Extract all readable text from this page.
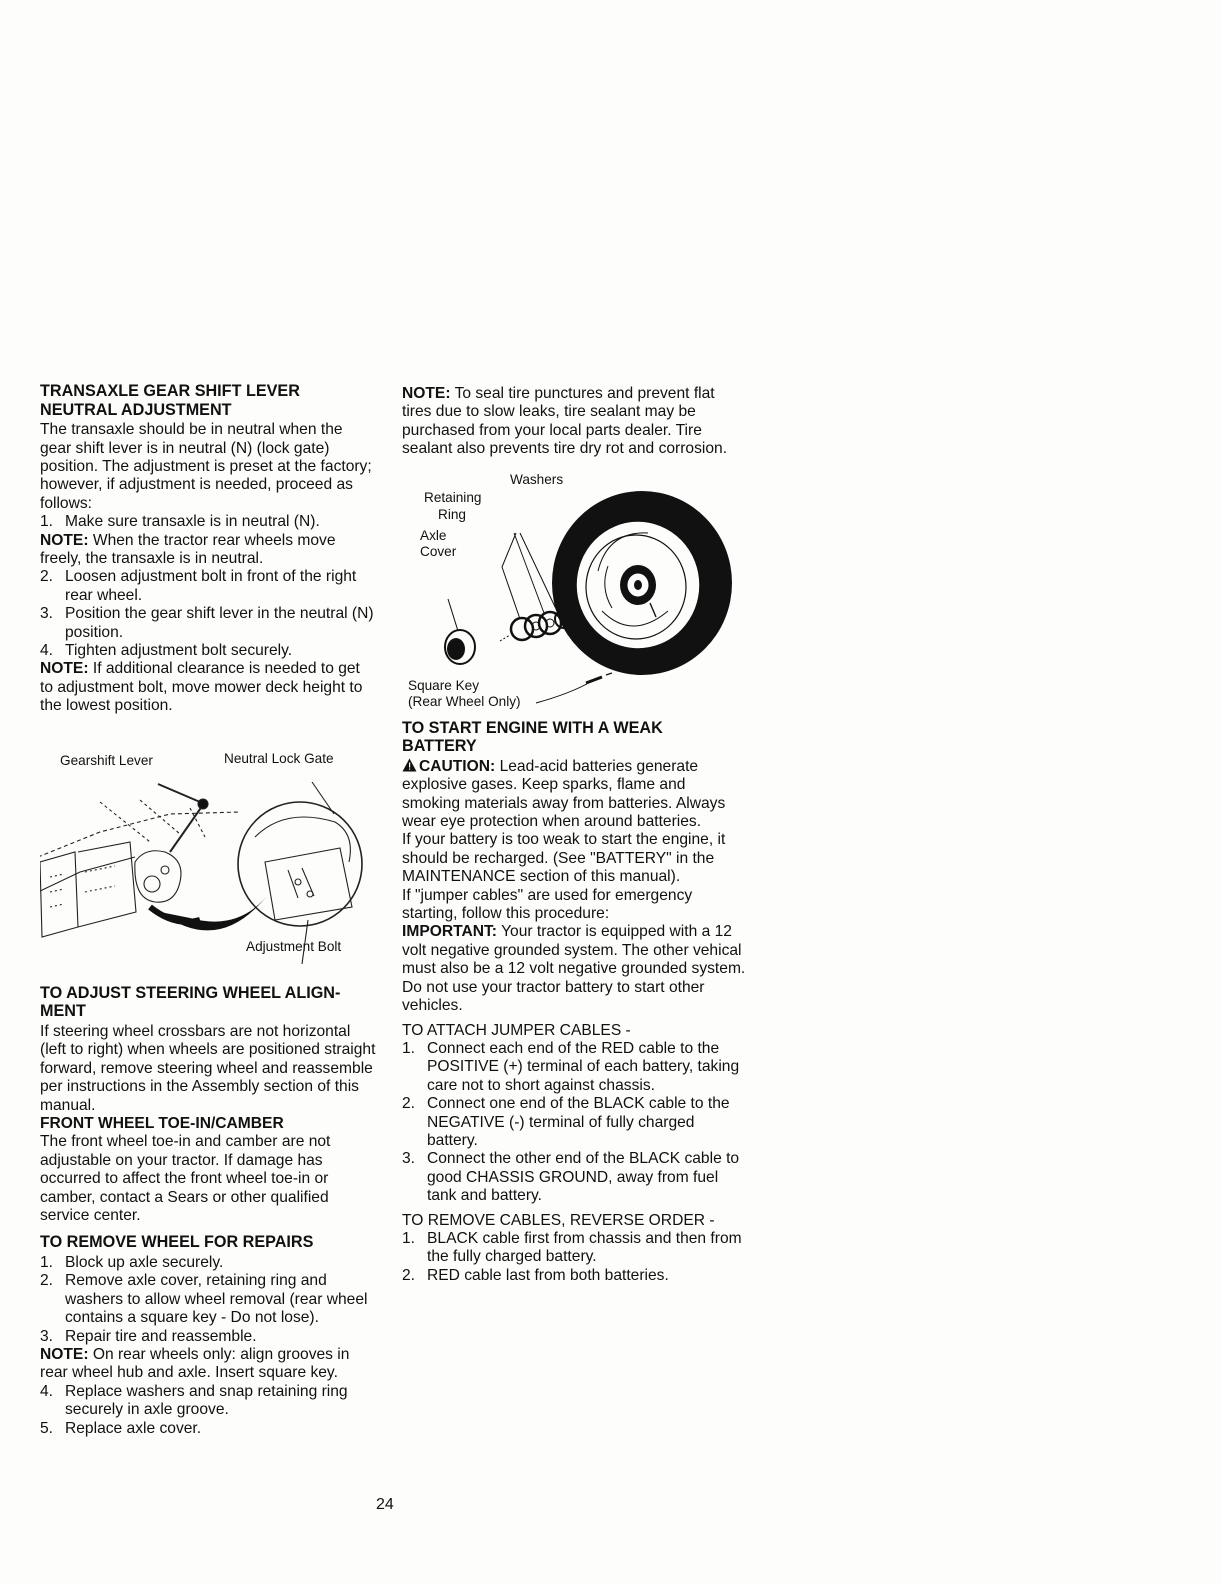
TRANSAXLE GEAR SHIFT LEVER
NEUTRAL ADJUSTMENT

The transaxle should be in neutral when the gear shift lever is in neutral (N) (lock gate) position. The adjustment is preset at the factory; however, if adjustment is needed, proceed as follows:

1. Make sure transaxle is in neutral (N).

NOTE: When the tractor rear wheels move freely, the transaxle is in neutral.

2. Loosen adjustment bolt in front of the right rear wheel.
3. Position the gear shift lever in the neutral (N) position.
4. Tighten adjustment bolt securely.

NOTE: If additional clearance is needed to get to adjustment bolt, move mower deck height to the lowest position.

Gearshift Lever	Neutral Lock Gate
Adjustment Bolt
TO ADJUST STEERING WHEEL ALIGN-
MENT

If steering wheel crossbars are not horizontal (left to right) when wheels are positioned straight forward, remove steering wheel and reassemble per instructions in the Assembly section of this manual.

FRONT WHEEL TOE-IN/CAMBER

The front wheel toe-in and camber are not adjustable on your tractor. If damage has occurred to affect the front wheel toe-in or camber, contact a Sears or other qualified service center.

TO REMOVE WHEEL FOR REPAIRS
1. Block up axle securely.
2. Remove axle cover, retaining ring and washers to allow wheel removal (rear wheel contains a square key - Do not lose).
3. Repair tire and reassemble.

NOTE: On rear wheels only: align grooves in rear wheel hub and axle. Insert square key.

4. Replace washers and snap retaining ring securely in axle groove.
5. Replace axle cover.

NOTE: To seal tire punctures and prevent flat tires due to slow leaks, tire sealant may be purchased from your local parts dealer. Tire sealant also prevents tire dry rot and corrosion.

Washers
Retaining
Ring
Axle
Cover
Square Key
(Rear Wheel Only)
TO START ENGINE WITH A WEAK
BATTERY

CAUTION: Lead-acid batteries generate explosive gases. Keep sparks, flame and smoking materials away from batteries. Always wear eye protection when around batteries.

If your battery is too weak to start the engine, it should be recharged. (See "BATTERY" in the MAINTENANCE section of this manual).

If "jumper cables" are used for emergency starting, follow this procedure:

IMPORTANT: Your tractor is equipped with a 12 volt negative grounded system. The other vehical must also be a 12 volt negative grounded system. Do not use your tractor battery to start other vehicles.

TO ATTACH JUMPER CABLES -

1. Connect each end of the RED cable to the POSITIVE (+) terminal of each battery, taking care not to short against chassis.
2. Connect one end of the BLACK cable to the NEGATIVE (-) terminal of fully charged battery.
3. Connect the other end of the BLACK cable to good CHASSIS GROUND, away from fuel tank and battery.

TO REMOVE CABLES, REVERSE ORDER -

1. BLACK cable first from chassis and then from the fully charged battery.
2. RED cable last from both batteries.
24
